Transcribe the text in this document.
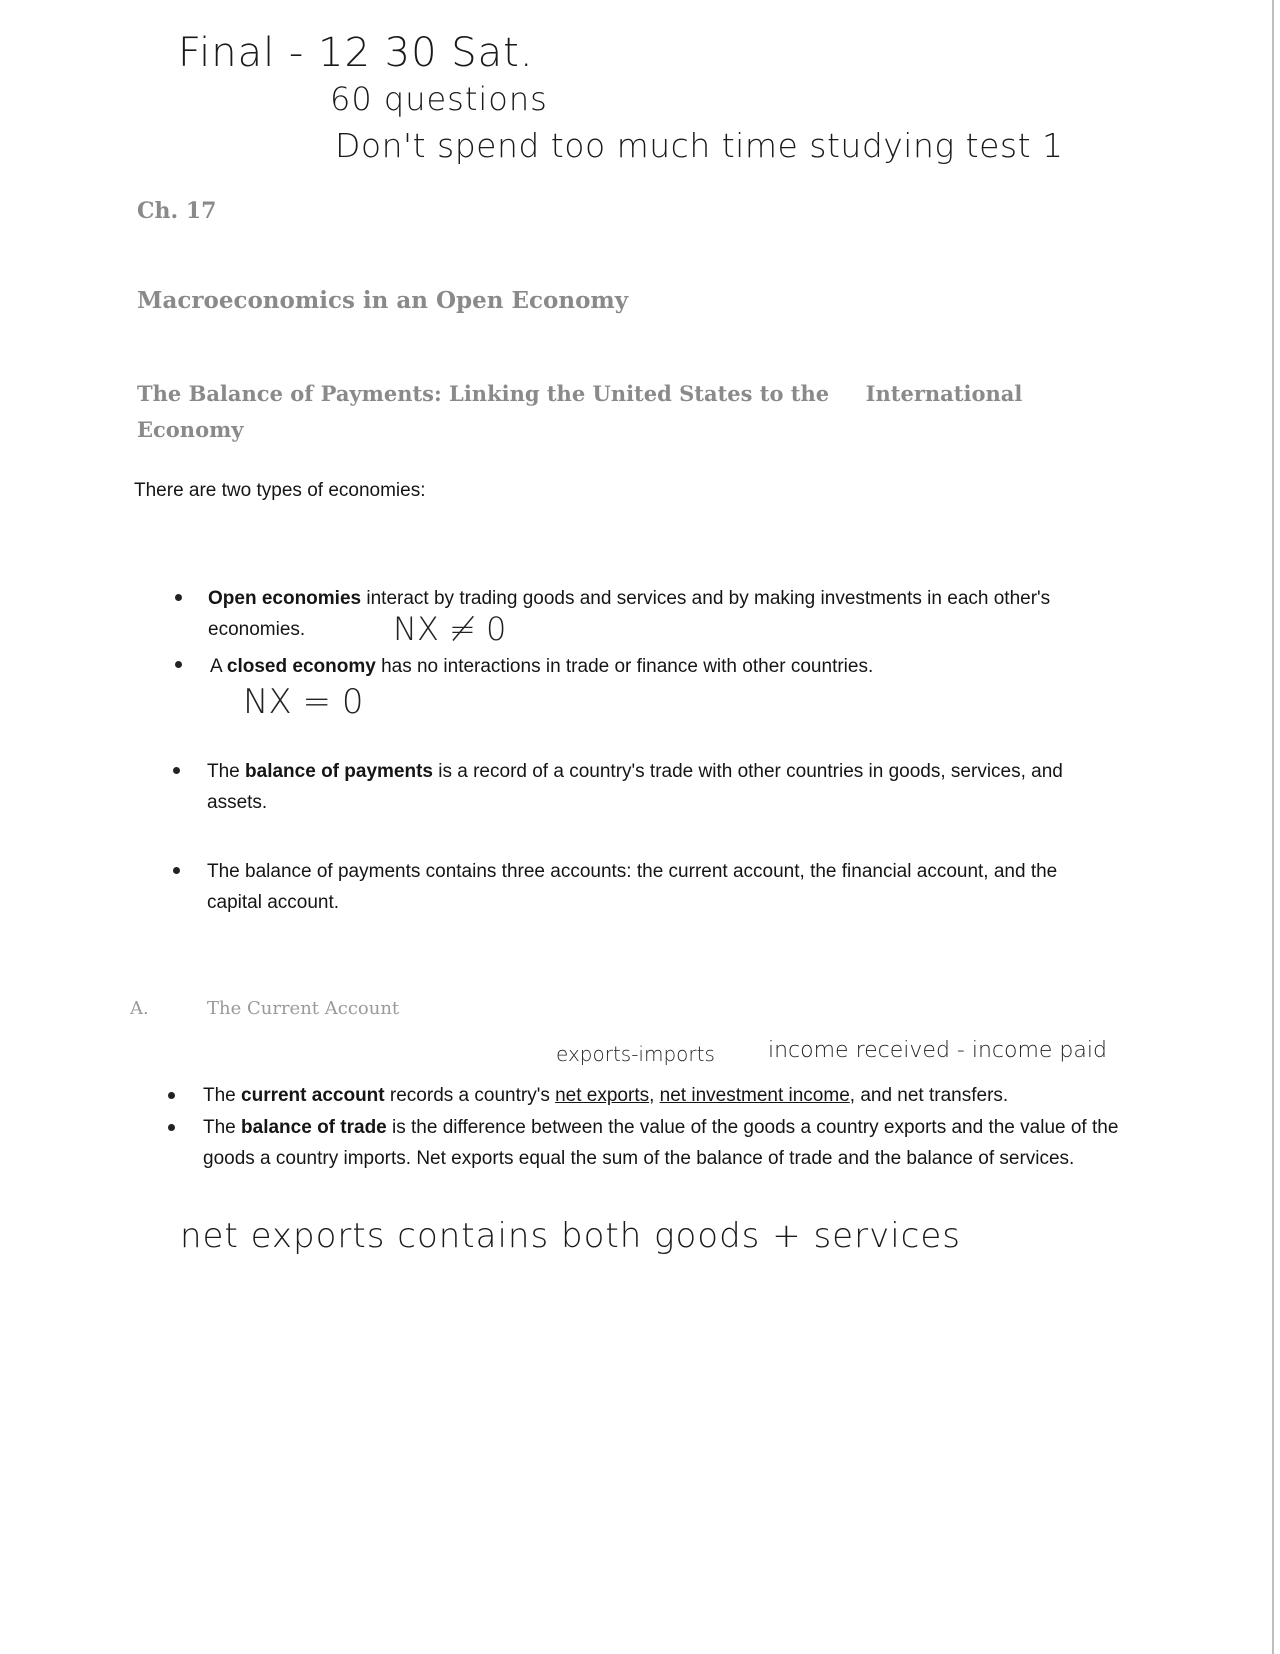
Final - 12 30 Sat.
60 questions
Don't spend too much time studying test 1
Ch. 17
Macroeconomics in an Open Economy
The Balance of Payments: Linking the United States to the     International
Economy
There are two types of economies:
Open economies interact by trading goods and services and by making investments in each other's economies.	NX ≠ 0
A closed economy has no interactions in trade or finance with other countries.
NX = 0
The balance of payments is a record of a country's trade with other countries in goods, services, and assets.
The balance of payments contains three accounts: the current account, the financial account, and the capital account.
A.	The Current Account
exports-imports income received - income paid
The current account records a country's net exports, net investment income, and net transfers.
The balance of trade is the difference between the value of the goods a country exports and the value of the goods a country imports. Net exports equal the sum of the balance of trade and the balance of services.
net exports contains both goods + services
